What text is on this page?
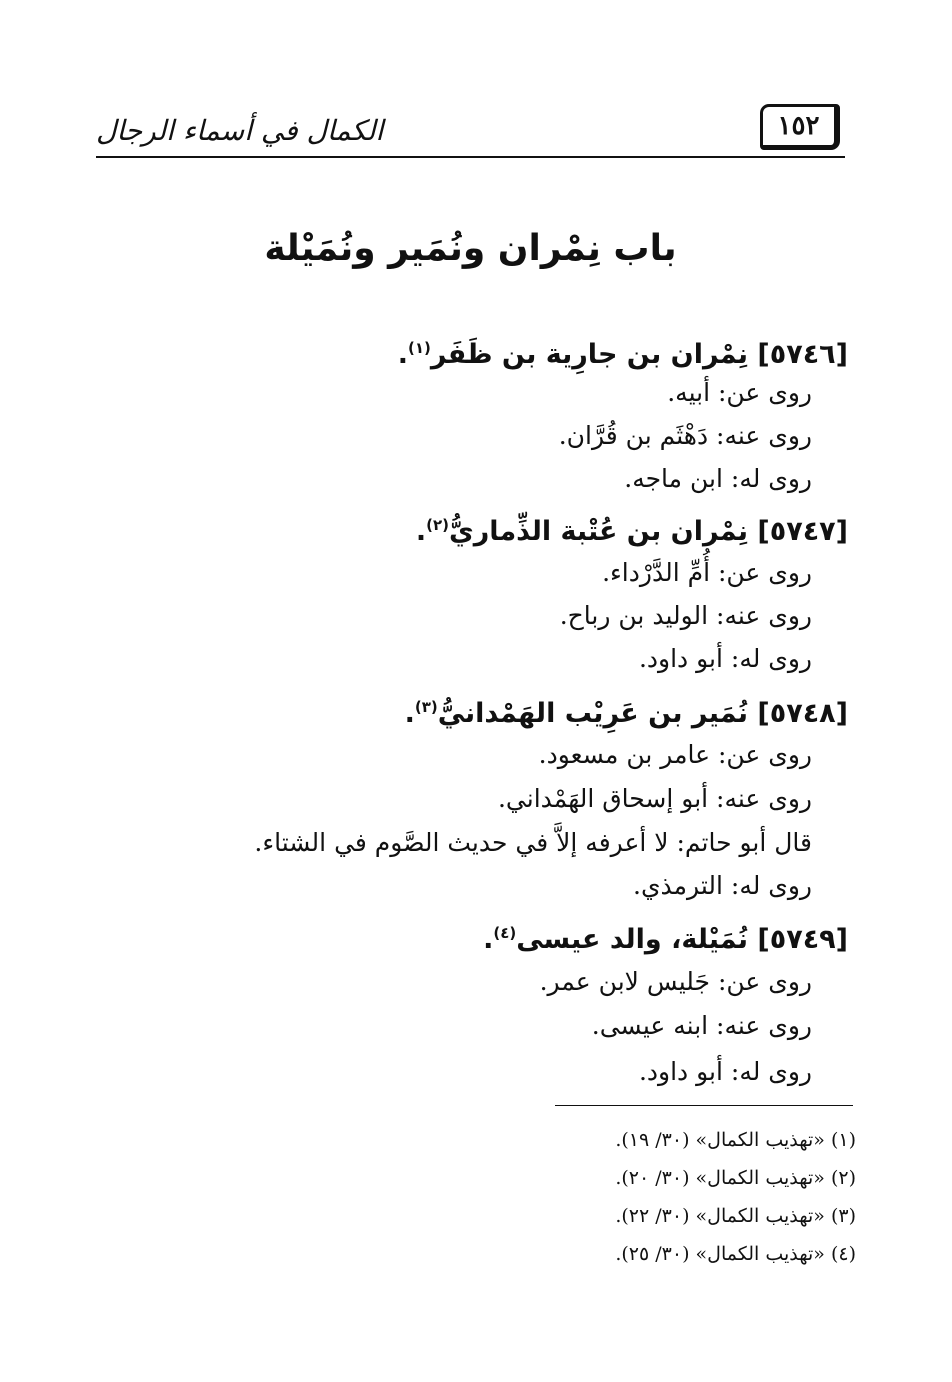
الكمال في أسماء الرجال	١٥٢
باب نِمْران ونُمَير ونُمَيْلة
[٥٧٤٦] نِمْران بن جارِية بن ظَفَر$^{(١)}$.
روى عن: أبيه.
روى عنه: دَهْثَم بن قُرَّان.
روى له: ابن ماجه.
[٥٧٤٧] نِمْران بن عُتْبة الذِّماريُّ$^{(٢)}$.
روى عن: أُمِّ الدَّرْداء.
روى عنه: الوليد بن رباح.
روى له: أبو داود.
[٥٧٤٨] نُمَير بن عَرِيْب الهَمْدانيُّ$^{(٣)}$.
روى عن: عامر بن مسعود.
روى عنه: أبو إسحاق الهَمْداني.
قال أبو حاتم: لا أعرفه إلاَّ في حديث الصَّوم في الشتاء.
روى له: الترمذي.
[٥٧٤٩] نُمَيْلة، والد عيسى$^{(٤)}$.
روى عن: جَليس لابن عمر.
روى عنه: ابنه عيسى.
روى له: أبو داود.
(١) «تهذيب الكمال» (٣٠/ ١٩).
(٢) «تهذيب الكمال» (٣٠/ ٢٠).
(٣) «تهذيب الكمال» (٣٠/ ٢٢).
(٤) «تهذيب الكمال» (٣٠/ ٢٥).
